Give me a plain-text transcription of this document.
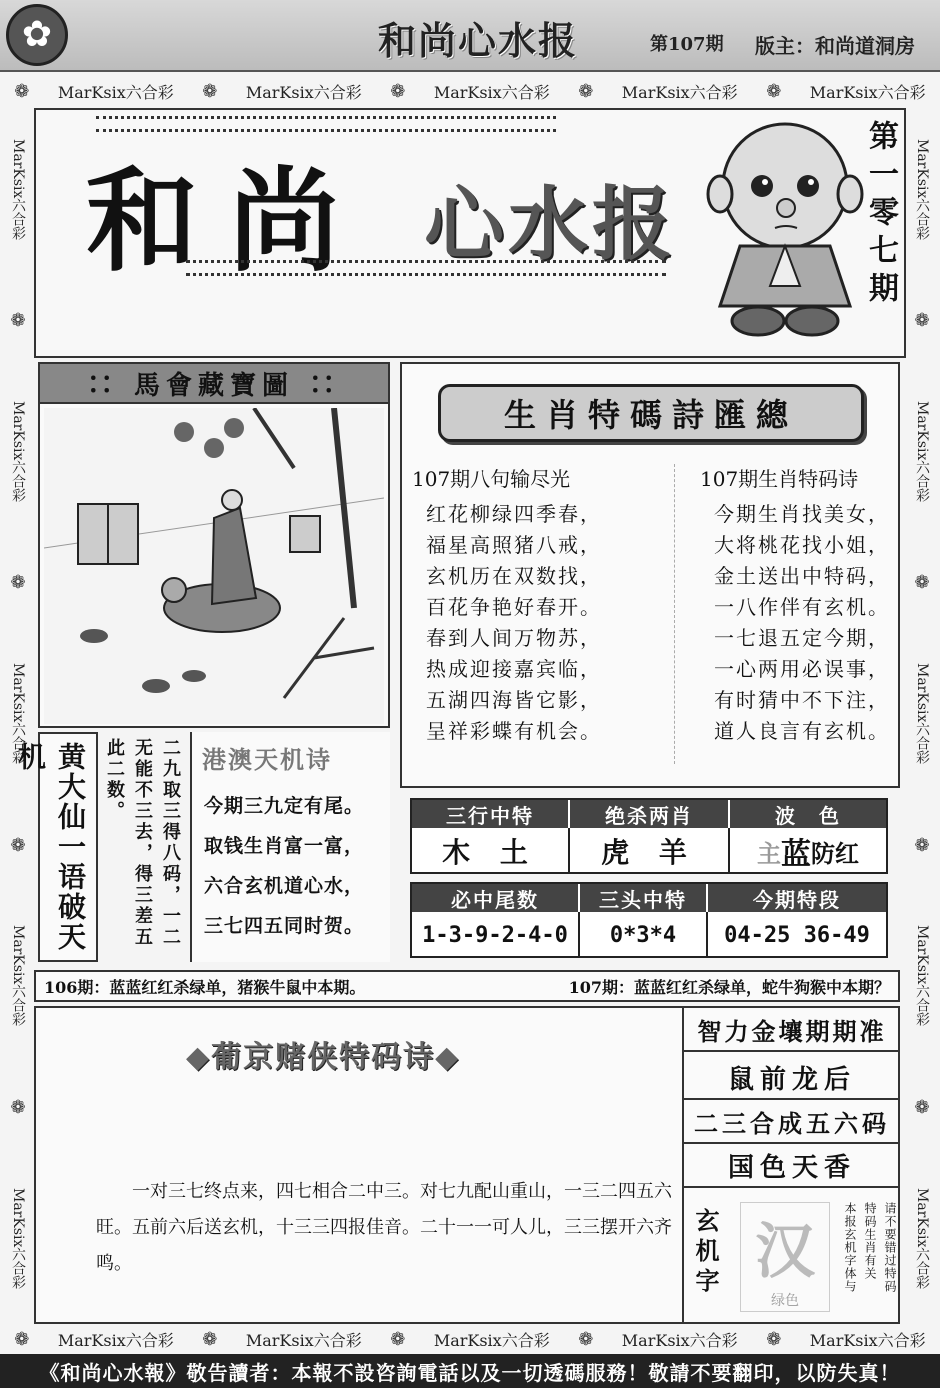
✿	和尚心水报	第107期 版主：和尚道洞房
❁ MarKsix六合彩 ❁ MarKsix六合彩 ❁ MarKsix六合彩 ❁ MarKsix六合彩 ❁ MarKsix六合彩
❁ MarKsix六合彩 ❁ MarKsix六合彩 ❁ MarKsix六合彩 ❁ MarKsix六合彩 ❁ MarKsix六合彩
MarKsix六合彩
❁
MarKsix六合彩
❁
MarKsix六合彩
❁
MarKsix六合彩
❁
MarKsix六合彩
MarKsix六合彩
❁
MarKsix六合彩
❁
MarKsix六合彩
❁
MarKsix六合彩
❁
MarKsix六合彩
和尚 心水报	第一零七期
∷ 馬會藏寶圖 ∷
生肖特碼詩匯總
107期八句输尽光
红花柳绿四季春，
福星高照猪八戒，
玄机历在双数找，
百花争艳好春开。
春到人间万物苏，
热成迎接嘉宾临，
五湖四海皆它影，
呈祥彩蝶有机会。
107期生肖特码诗
今期生肖找美女，
大将桃花找小姐，
金土送出中特码，
一八作伴有玄机。
一七退五定今期，
一心两用必误事，
有时猜中不下注，
道人良言有玄机。
黄大仙一语破天机	二九取三得八码，一二
无能不三去，得三差五
此二数。	港澳天机诗
今期三九定有尾。
取钱生肖富一富，
六合玄机道心水，
三七四五同时贺。
三行中特	绝杀两肖	波　色
木 土	虎 羊	主 蓝 防红
必中尾数	三头中特	今期特段
1-3-9-2-4-0	0*3*4	04-25 36-49
106期：蓝蓝红红杀绿单，猪猴牛鼠中本期。	107期：蓝蓝红红杀绿单，蛇牛狗猴中本期？
◆葡京赌侠特码诗◆
一对三七终点来，四七相合二中三。对七九配山重山，一三二四五六旺。五前六后送玄机，十三三四报佳音。二十一一可人儿，三三摆开六齐鸣。
智力金壤期期准
鼠前龙后
二三合成五六码
国色天香
玄机字 汉
绿色
请不要错过特码
特码生肖有关
本报玄机字体与
《和尚心水報》敬告讀者：本報不設咨詢電話以及一切透碼服務！敬請不要翻印，以防失真！
